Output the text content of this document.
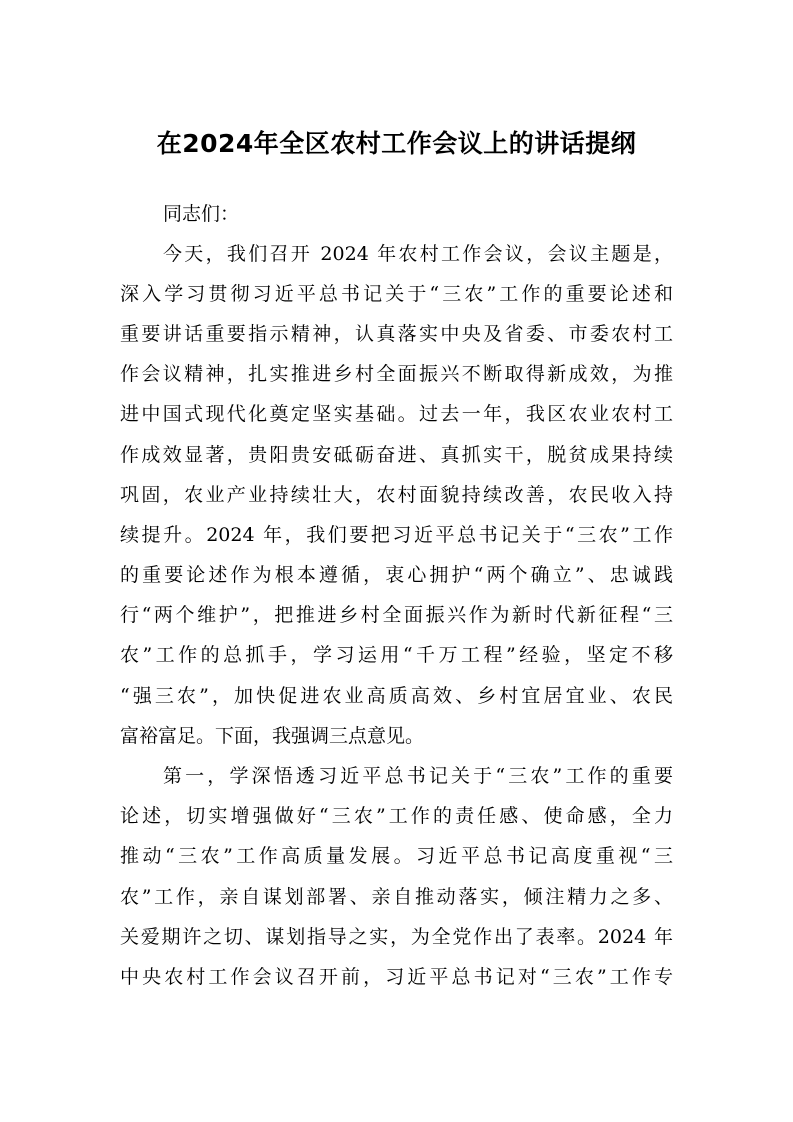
在2024年全区农村工作会议上的讲话提纲
同志们：
今天，我们召开 2024 年农村工作会议，会议主题是，
深入学习贯彻习近平总书记关于“三农”工作的重要论述和
重要讲话重要指示精神，认真落实中央及省委、市委农村工
作会议精神，扎实推进乡村全面振兴不断取得新成效，为推
进中国式现代化奠定坚实基础。过去一年，我区农业农村工
作成效显著，贵阳贵安砥砺奋进、真抓实干，脱贫成果持续
巩固，农业产业持续壮大，农村面貌持续改善，农民收入持
续提升。2024 年，我们要把习近平总书记关于“三农”工作
的重要论述作为根本遵循，衷心拥护“两个确立”、忠诚践
行“两个维护”，把推进乡村全面振兴作为新时代新征程“三
农”工作的总抓手，学习运用“千万工程”经验，坚定不移
“强三农”，加快促进农业高质高效、乡村宜居宜业、农民
富裕富足。下面，我强调三点意见。
第一，学深悟透习近平总书记关于“三农”工作的重要
论述，切实增强做好“三农”工作的责任感、使命感，全力
推动“三农”工作高质量发展。习近平总书记高度重视“三
农”工作，亲自谋划部署、亲自推动落实，倾注精力之多、
关爱期许之切、谋划指导之实，为全党作出了表率。2024 年
中央农村工作会议召开前，习近平总书记对“三农”工作专
